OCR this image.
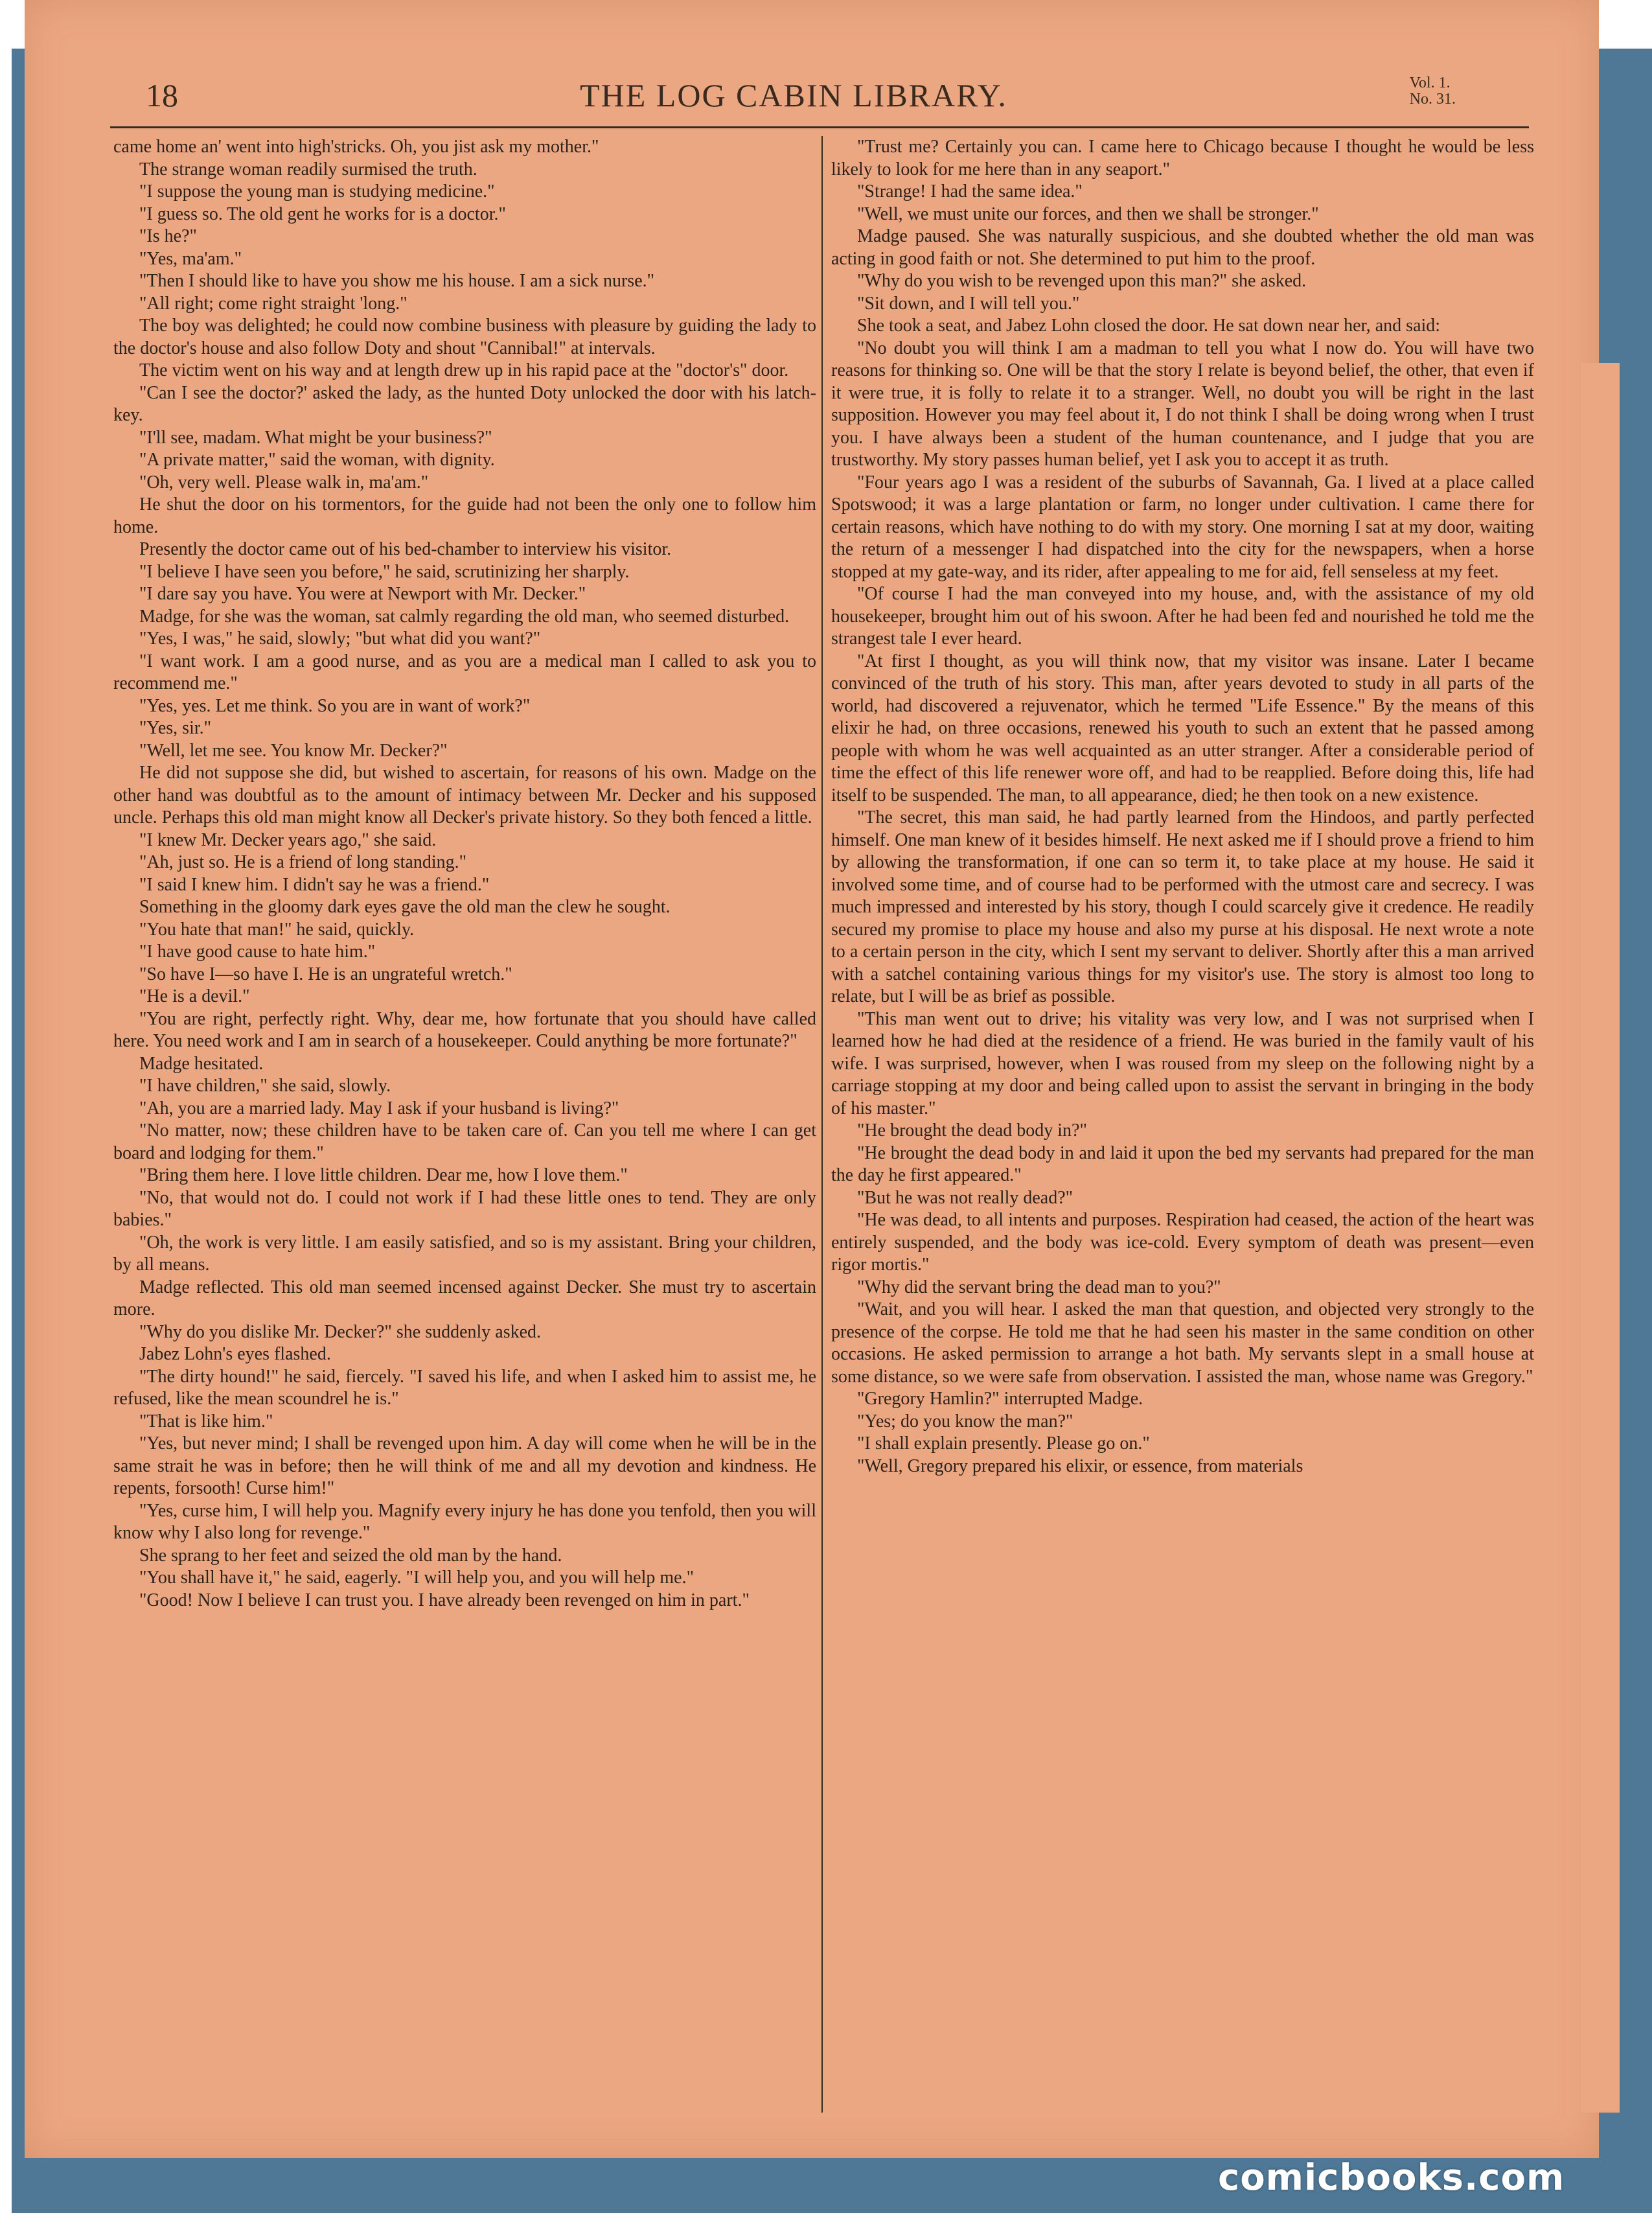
18	THE LOG CABIN LIBRARY.	Vol. 1.
No. 31.

came home an' went into high'stricks. Oh, you jist ask my mother."

The strange woman readily surmised the truth.

"I suppose the young man is studying medicine."

"I guess so. The old gent he works for is a doctor."

"Is he?"

"Yes, ma'am."

"Then I should like to have you show me his house. I am a sick nurse."

"All right; come right straight 'long."

The boy was delighted; he could now combine business with pleasure by guiding the lady to the doctor's house and also follow Doty and shout "Cannibal!" at intervals.

The victim went on his way and at length drew up in his rapid pace at the "doctor's" door.

"Can I see the doctor?' asked the lady, as the hunted Doty unlocked the door with his latch-key.

"I'll see, madam. What might be your business?"

"A private matter," said the woman, with dignity.

"Oh, very well. Please walk in, ma'am."

He shut the door on his tormentors, for the guide had not been the only one to follow him home.

Presently the doctor came out of his bed-chamber to interview his visitor.

"I believe I have seen you before," he said, scrutinizing her sharply.

"I dare say you have. You were at Newport with Mr. Decker."

Madge, for she was the woman, sat calmly regarding the old man, who seemed disturbed.

"Yes, I was," he said, slowly; "but what did you want?"

"I want work. I am a good nurse, and as you are a medical man I called to ask you to recommend me."

"Yes, yes. Let me think. So you are in want of work?"

"Yes, sir."

"Well, let me see. You know Mr. Decker?"

He did not suppose she did, but wished to ascertain, for reasons of his own. Madge on the other hand was doubtful as to the amount of intimacy between Mr. Decker and his supposed uncle. Perhaps this old man might know all Decker's private history. So they both fenced a little.

"I knew Mr. Decker years ago," she said.

"Ah, just so. He is a friend of long standing."

"I said I knew him. I didn't say he was a friend."

Something in the gloomy dark eyes gave the old man the clew he sought.

"You hate that man!" he said, quickly.

"I have good cause to hate him."

"So have I—so have I. He is an ungrateful wretch."

"He is a devil."

"You are right, perfectly right. Why, dear me, how fortunate that you should have called here. You need work and I am in search of a housekeeper. Could anything be more fortunate?"

Madge hesitated.

"I have children," she said, slowly.

"Ah, you are a married lady. May I ask if your husband is living?"

"No matter, now; these children have to be taken care of. Can you tell me where I can get board and lodging for them."

"Bring them here. I love little children. Dear me, how I love them."

"No, that would not do. I could not work if I had these little ones to tend. They are only babies."

"Oh, the work is very little. I am easily satisfied, and so is my assistant. Bring your children, by all means.

Madge reflected. This old man seemed incensed against Decker. She must try to ascertain more.

"Why do you dislike Mr. Decker?" she suddenly asked.

Jabez Lohn's eyes flashed.

"The dirty hound!" he said, fiercely. "I saved his life, and when I asked him to assist me, he refused, like the mean scoundrel he is."

"That is like him."

"Yes, but never mind; I shall be revenged upon him. A day will come when he will be in the same strait he was in before; then he will think of me and all my devotion and kindness. He repents, forsooth! Curse him!"

"Yes, curse him, I will help you. Magnify every injury he has done you tenfold, then you will know why I also long for revenge."

She sprang to her feet and seized the old man by the hand.

"You shall have it," he said, eagerly. "I will help you, and you will help me."

"Good! Now I believe I can trust you. I have already been revenged on him in part."

"Trust me? Certainly you can. I came here to Chicago because I thought he would be less likely to look for me here than in any seaport."

"Strange! I had the same idea."

"Well, we must unite our forces, and then we shall be stronger."

Madge paused. She was naturally suspicious, and she doubted whether the old man was acting in good faith or not. She determined to put him to the proof.

"Why do you wish to be revenged upon this man?" she asked.

"Sit down, and I will tell you."

She took a seat, and Jabez Lohn closed the door. He sat down near her, and said:

"No doubt you will think I am a madman to tell you what I now do. You will have two reasons for thinking so. One will be that the story I relate is beyond belief, the other, that even if it were true, it is folly to relate it to a stranger. Well, no doubt you will be right in the last supposition. However you may feel about it, I do not think I shall be doing wrong when I trust you. I have always been a student of the human countenance, and I judge that you are trustworthy. My story passes human belief, yet I ask you to accept it as truth.

"Four years ago I was a resident of the suburbs of Savannah, Ga. I lived at a place called Spotswood; it was a large plantation or farm, no longer under cultivation. I came there for certain reasons, which have nothing to do with my story. One morning I sat at my door, waiting the return of a messenger I had dispatched into the city for the newspapers, when a horse stopped at my gate-way, and its rider, after appealing to me for aid, fell senseless at my feet.

"Of course I had the man conveyed into my house, and, with the assistance of my old housekeeper, brought him out of his swoon. After he had been fed and nourished he told me the strangest tale I ever heard.

"At first I thought, as you will think now, that my visitor was insane. Later I became convinced of the truth of his story. This man, after years devoted to study in all parts of the world, had discovered a rejuvenator, which he termed "Life Essence." By the means of this elixir he had, on three occasions, renewed his youth to such an extent that he passed among people with whom he was well acquainted as an utter stranger. After a considerable period of time the effect of this life renewer wore off, and had to be reapplied. Before doing this, life had itself to be suspended. The man, to all appearance, died; he then took on a new existence.

"The secret, this man said, he had partly learned from the Hindoos, and partly perfected himself. One man knew of it besides himself. He next asked me if I should prove a friend to him by allowing the transformation, if one can so term it, to take place at my house. He said it involved some time, and of course had to be performed with the utmost care and secrecy. I was much impressed and interested by his story, though I could scarcely give it credence. He readily secured my promise to place my house and also my purse at his disposal. He next wrote a note to a certain person in the city, which I sent my servant to deliver. Shortly after this a man arrived with a satchel containing various things for my visitor's use. The story is almost too long to relate, but I will be as brief as possible.

"This man went out to drive; his vitality was very low, and I was not surprised when I learned how he had died at the residence of a friend. He was buried in the family vault of his wife. I was surprised, however, when I was roused from my sleep on the following night by a carriage stopping at my door and being called upon to assist the servant in bringing in the body of his master."

"He brought the dead body in?"

"He brought the dead body in and laid it upon the bed my servants had prepared for the man the day he first appeared."

"But he was not really dead?"

"He was dead, to all intents and purposes. Respiration had ceased, the action of the heart was entirely suspended, and the body was ice-cold. Every symptom of death was present—even rigor mortis."

"Why did the servant bring the dead man to you?"

"Wait, and you will hear. I asked the man that question, and objected very strongly to the presence of the corpse. He told me that he had seen his master in the same condition on other occasions. He asked permission to arrange a hot bath. My servants slept in a small house at some distance, so we were safe from observation. I assisted the man, whose name was Gregory."

"Gregory Hamlin?" interrupted Madge.

"Yes; do you know the man?"

"I shall explain presently. Please go on."

"Well, Gregory prepared his elixir, or essence, from materials

comicbooks.com
